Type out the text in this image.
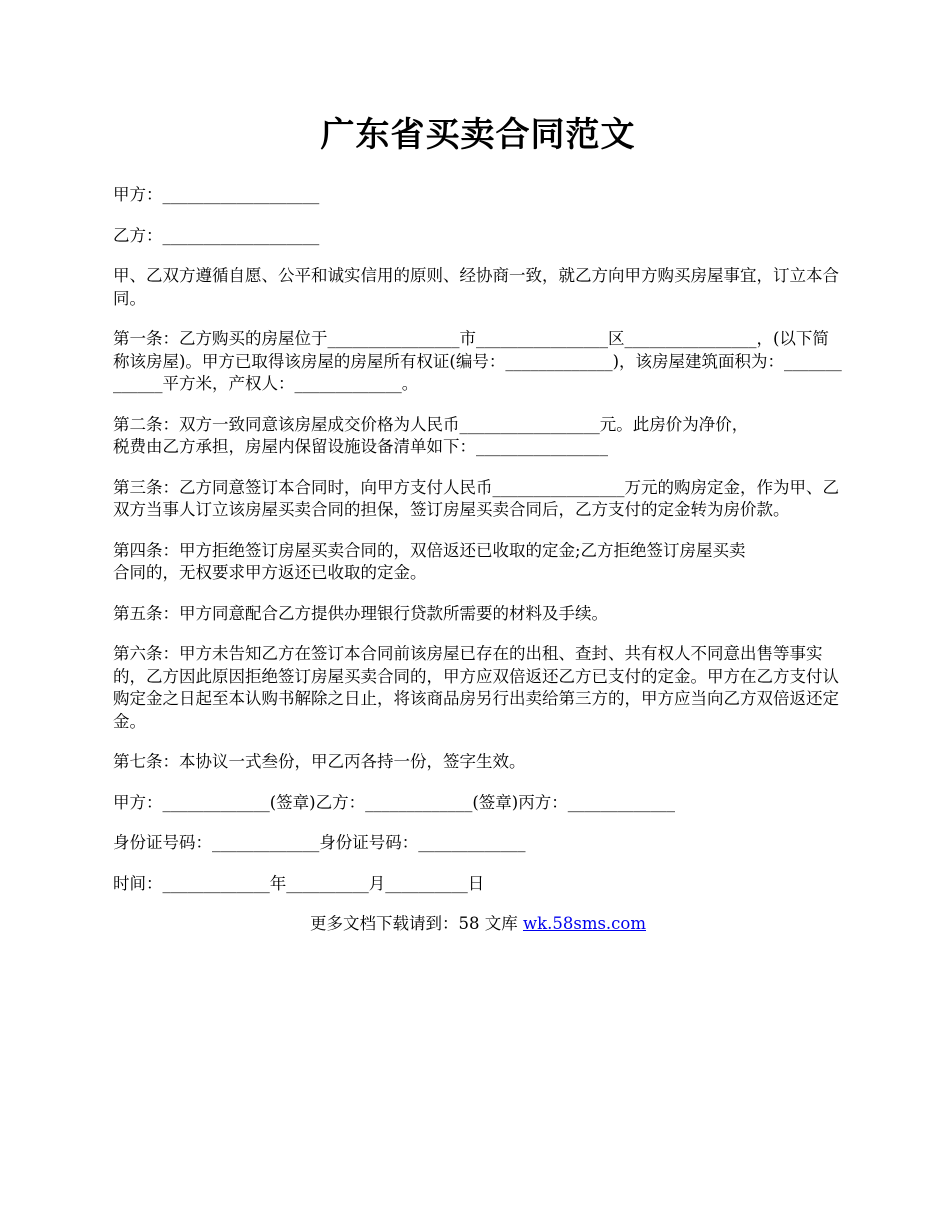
广东省买卖合同范文

甲方：___________________

乙方：___________________

甲、乙双方遵循自愿、公平和诚实信用的原则、经协商一致，就乙方向甲方购买房屋事宜，订立本合同。

第一条：乙方购买的房屋位于________________市________________区________________，(以下简称该房屋)。甲方已取得该房屋的房屋所有权证(编号：_____________)，该房屋建筑面积为：_____________平方米，产权人：_____________。

第二条：双方一致同意该房屋成交价格为人民币_________________元。此房价为净价，
税费由乙方承担，房屋内保留设施设备清单如下：________________

第三条：乙方同意签订本合同时，向甲方支付人民币________________万元的购房定金，作为甲、乙双方当事人订立该房屋买卖合同的担保，签订房屋买卖合同后，乙方支付的定金转为房价款。

第四条：甲方拒绝签订房屋买卖合同的，双倍返还已收取的定金;乙方拒绝签订房屋买卖
合同的，无权要求甲方返还已收取的定金。

第五条：甲方同意配合乙方提供办理银行贷款所需要的材料及手续。

第六条：甲方未告知乙方在签订本合同前该房屋已存在的出租、查封、共有权人不同意出售等事实的，乙方因此原因拒绝签订房屋买卖合同的，甲方应双倍返还乙方已支付的定金。甲方在乙方支付认购定金之日起至本认购书解除之日止，将该商品房另行出卖给第三方的，甲方应当向乙方双倍返还定金。

第七条：本协议一式叁份，甲乙丙各持一份，签字生效。

甲方：_____________(签章)乙方：_____________(签章)丙方：_____________

身份证号码：_____________身份证号码：_____________

时间：_____________年__________月__________日

更多文档下载请到：58 文库 wk.58sms.com
